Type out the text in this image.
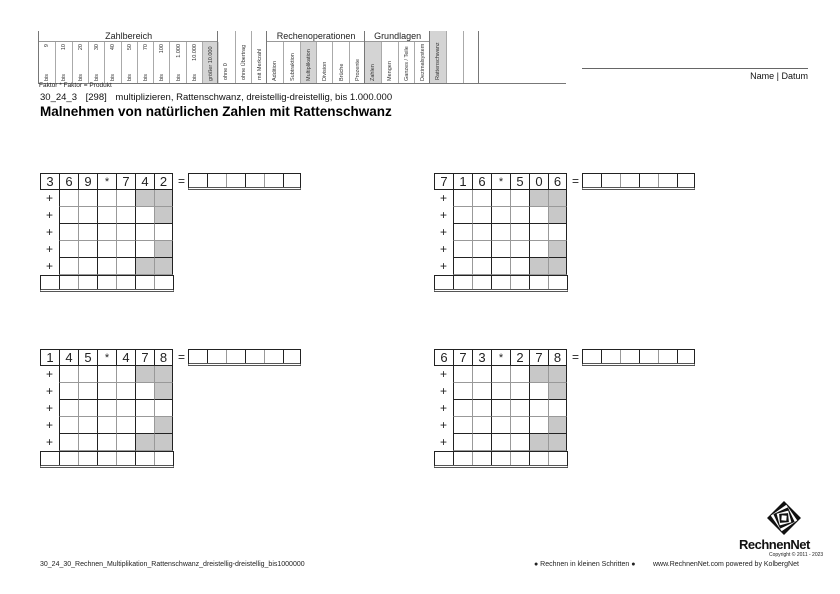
Zahlbereich
9
bis
10
bis
20
bis
30
bis
40
bis
50
bis
70
bis
100
bis
1.000
bis
10.000
bis größer 10.000 ohne 0 ohne Übertrag mit Merkzahl
Rechenoperationen
Addition Subtraktion Multiplikation Division Brüche Prozente
Grundlagen
Zahlen Mengen Ganzes / Teile Dezimalsystem Rattenschwanz
Faktor * Faktor = Produkt
30_24_3 [298] multiplizieren, Rattenschwanz, dreistellig-dreistellig, bis 1.000.000
Malnehmen von natürlichen Zahlen mit Rattenschwanz
Name | Datum
3 6 9	*	7 4 2 =
+
+
+
+
+
7 1 6	*	5 0 6 =
+
+
+
+
+
1 4 5	*	4 7 8 =
+
+
+
+
+
6 7 3	*	2 7 8 =
+
+
+
+
+
30_24_30_Rechnen_Multiplikation_Rattenschwanz_dreistellig-dreistellig_bis1000000	● Rechnen in kleinen Schritten ●	www.RechnenNet.com powered by KolbergNet
RechnenNet
Copyright © 2011 - 2023
